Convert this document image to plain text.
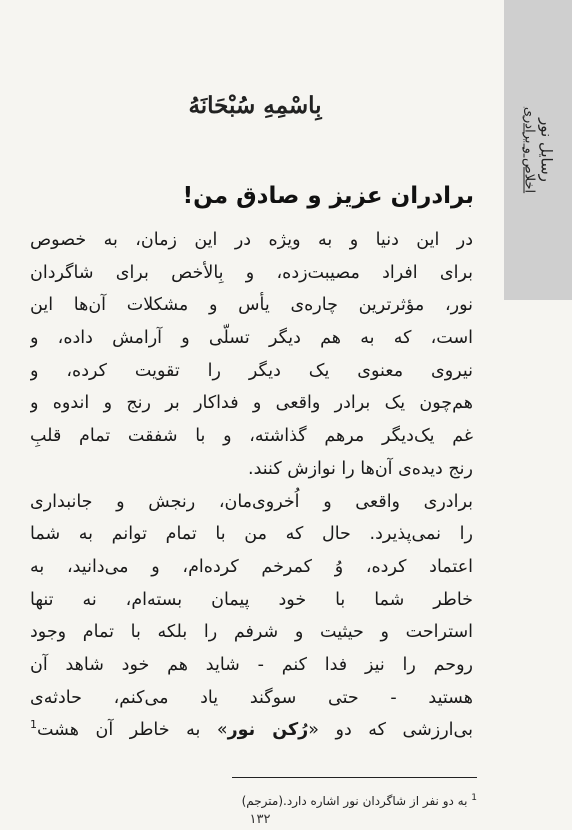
رسایل نور
اخلاص و برادری
بِاسْمِهِ سُبْحَانَهُ
برادران عزیز و صادق من!
در این دنیا و به ویژه در این زمان، به خصوص
برای افراد مصیبت‌زده، و بِالأخص برای شاگردان
نور، مؤثرترین چاره‌ی یأس و مشکلات آن‌ها این
است، که به هم دیگر تسلّی و آرامش داده، و
نیروی معنوی یک دیگر را تقویت کرده، و
هم‌چون یک برادر واقعی و فداکار بر رنج و اندوه و
غم یک‌دیگر مرهم گذاشته، و با شفقت تمام قلبِ
رنج دیده‌ی آن‌ها را نوازش کنند.
برادری واقعی و اُخروی‌مان، رنجش و جانبداری
را نمی‌پذیرد. حال که من با تمام توانم به شما
اعتماد کرده، وُ کمرخم کرده‌ام، و می‌دانید، به
خاطر شما با خود پیمان بسته‌ام، نه تنها
استراحت و حیثیت و شرفم را بلکه با تمام وجود
روحم را نیز فدا کنم - شاید هم خود شاهد آن
هستید - حتی سوگند یاد می‌کنم، حادثه‌ی
بی‌ارزشی که دو «رُکن نور» به خاطر آن هشت$^1$
$^1$ به دو نفر از شاگردان نور اشاره دارد.(مترجم)
۱۳۲
